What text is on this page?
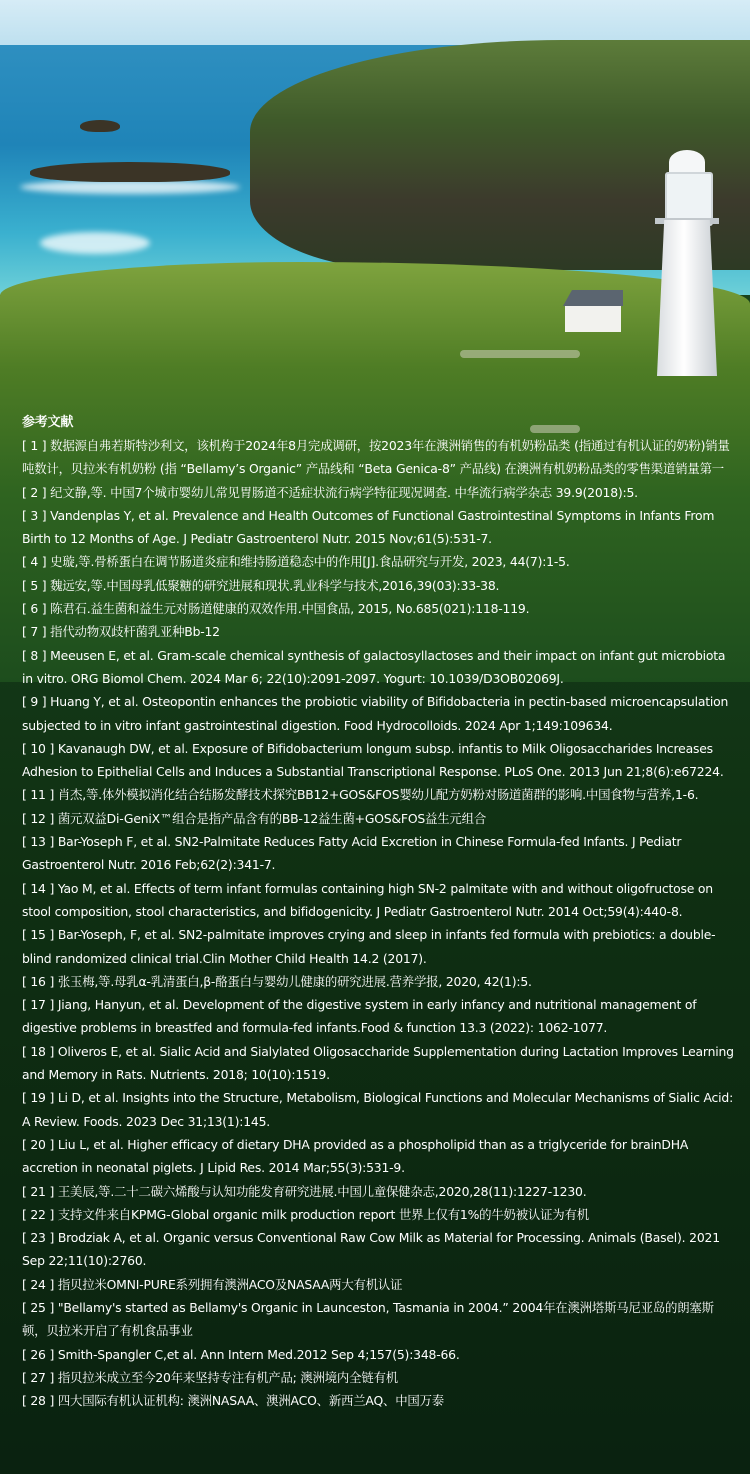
参考文献
[ 1 ] 数据源自弗若斯特沙利文，该机构于2024年8月完成调研，按2023年在澳洲销售的有机奶粉品类 (指通过有机认证的奶粉)销量吨数计，贝拉米有机奶粉 (指 “Bellamy’s Organic” 产品线和 “Beta Genica-8” 产品线) 在澳洲有机奶粉品类的零售渠道销量第一
[ 2 ] 纪文静,等. 中国7个城市婴幼儿常见胃肠道不适症状流行病学特征现况调查. 中华流行病学杂志 39.9(2018):5.
[ 3 ] Vandenplas Y, et al. Prevalence and Health Outcomes of Functional Gastrointestinal Symptoms in Infants From Birth to 12 Months of Age. J Pediatr Gastroenterol Nutr. 2015 Nov;61(5):531-7.
[ 4 ] 史璇,等.骨桥蛋白在调节肠道炎症和维持肠道稳态中的作用[J].食品研究与开发, 2023, 44(7):1-5.
[ 5 ] 魏远安,等.中国母乳低聚糖的研究进展和现状.乳业科学与技术,2016,39(03):33-38.
[ 6 ] 陈君石.益生菌和益生元对肠道健康的双效作用.中国食品, 2015, No.685(021):118-119.
[ 7 ] 指代动物双歧杆菌乳亚种Bb-12
[ 8 ] Meeusen E, et al. Gram-scale chemical synthesis of galactosyllactoses and their impact on infant gut microbiota in vitro. ORG Biomol Chem. 2024 Mar 6; 22(10):2091-2097. Yogurt: 10.1039/D3OB02069J.
[ 9 ] Huang Y, et al. Osteopontin enhances the probiotic viability of Bifidobacteria in pectin-based microencapsulation subjected to in vitro infant gastrointestinal digestion. Food Hydrocolloids. 2024 Apr 1;149:109634.
[ 10 ] Kavanaugh DW, et al. Exposure of Bifidobacterium longum subsp. infantis to Milk Oligosaccharides Increases Adhesion to Epithelial Cells and Induces a Substantial Transcriptional Response. PLoS One. 2013 Jun 21;8(6):e67224.
[ 11 ] 肖杰,等.体外模拟消化结合结肠发酵技术探究BB12+GOS&FOS婴幼儿配方奶粉对肠道菌群的影响.中国食物与营养,1-6.
[ 12 ] 菌元双益Di-GeniX™组合是指产品含有的BB-12益生菌+GOS&FOS益生元组合
[ 13 ] Bar-Yoseph F, et al. SN2-Palmitate Reduces Fatty Acid Excretion in Chinese Formula-fed Infants. J Pediatr Gastroenterol Nutr. 2016 Feb;62(2):341-7.
[ 14 ] Yao M, et al. Effects of term infant formulas containing high SN-2 palmitate with and without oligofructose on stool composition, stool characteristics, and bifidogenicity. J Pediatr Gastroenterol Nutr. 2014 Oct;59(4):440-8.
[ 15 ] Bar-Yoseph, F, et al. SN2-palmitate improves crying and sleep in infants fed formula with prebiotics: a double-blind randomized clinical trial.Clin Mother Child Health 14.2 (2017).
[ 16 ] 张玉梅,等.母乳α-乳清蛋白,β-酪蛋白与婴幼儿健康的研究进展.营养学报, 2020, 42(1):5.
[ 17 ] Jiang, Hanyun, et al. Development of the digestive system in early infancy and nutritional management of digestive problems in breastfed and formula-fed infants.Food & function 13.3 (2022): 1062-1077.
[ 18 ] Oliveros E, et al. Sialic Acid and Sialylated Oligosaccharide Supplementation during Lactation Improves Learning and Memory in Rats. Nutrients. 2018; 10(10):1519.
[ 19 ] Li D, et al. Insights into the Structure, Metabolism, Biological Functions and Molecular Mechanisms of Sialic Acid: A Review. Foods. 2023 Dec 31;13(1):145.
[ 20 ] Liu L, et al. Higher efficacy of dietary DHA provided as a phospholipid than as a triglyceride for brainDHA accretion in neonatal piglets. J Lipid Res. 2014 Mar;55(3):531-9.
[ 21 ] 王美辰,等.二十二碳六烯酸与认知功能发育研究进展.中国儿童保健杂志,2020,28(11):1227-1230.
[ 22 ] 支持文件来自KPMG-Global organic milk production report 世界上仅有1%的牛奶被认证为有机
[ 23 ] Brodziak A, et al. Organic versus Conventional Raw Cow Milk as Material for Processing. Animals (Basel). 2021 Sep 22;11(10):2760.
[ 24 ] 指贝拉米OMNI-PURE系列拥有澳洲ACO及NASAA两大有机认证
[ 25 ] "Bellamy's started as Bellamy's Organic in Launceston, Tasmania in 2004.” 2004年在澳洲塔斯马尼亚岛的朗塞斯顿，贝拉米开启了有机食品事业
[ 26 ] Smith-Spangler C,et al. Ann Intern Med.2012 Sep 4;157(5):348-66.
[ 27 ] 指贝拉米成立至今20年来坚持专注有机产品; 澳洲境内全链有机
[ 28 ] 四大国际有机认证机构: 澳洲NASAA、澳洲ACO、新西兰AQ、中国万泰
